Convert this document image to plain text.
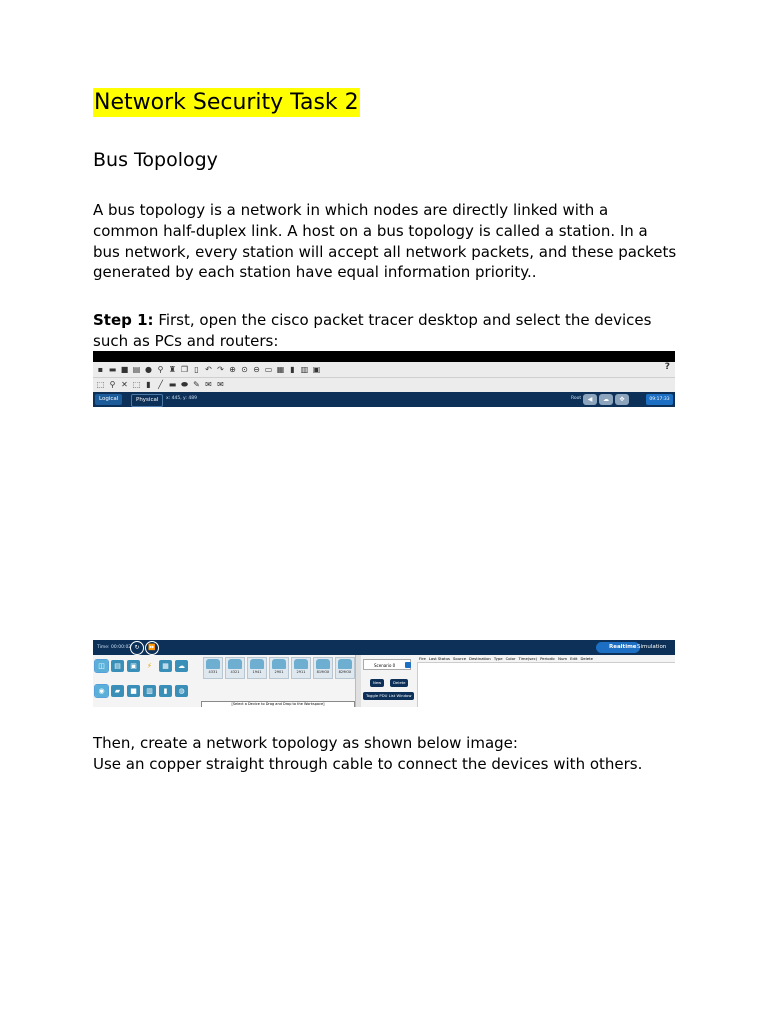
Network Security Task 2
Bus Topology
A bus topology is a network in which nodes are directly linked with a common half-duplex link. A host on a bus topology is called a station. In a bus network, every station will accept all network packets, and these packets generated by each station have equal information priority..
Step 1: First, open the cisco packet tracer desktop and select the devices such as PCs and routers:
▪ ▬ ■ ▤ ● ⚲ ♜ ❐ ▯ ↶ ↷ ⊕ ⊙ ⊖ ▭ ▦ ▮ ▥ ▣	?
⬚ ⚲ ✕ ⬚ ▮ ╱ ▬ ⬬ ✎ ✉ ✉
Logical	Physical	x: 445, y: 489	Root	◀	☁	✥	09:17:33
Time: 00:00:02 ↻	⏩	Realtime Simulation
◫	▤	▣	⚡	▦	☁
◉	▰	■	▥	▮	◍
4331	4321	1941	2901	2911	819IOX	829IOX
[Select a Device to Drag and Drop to the Workspace]
Scenario 0
New	Delete
Toggle PDU List Window
Fire Last Status Source Destination Type Color Time(sec) Periodic Num Edit Delete
Then, create a network topology as shown below image:
Use an copper straight through cable to connect the devices with others.
